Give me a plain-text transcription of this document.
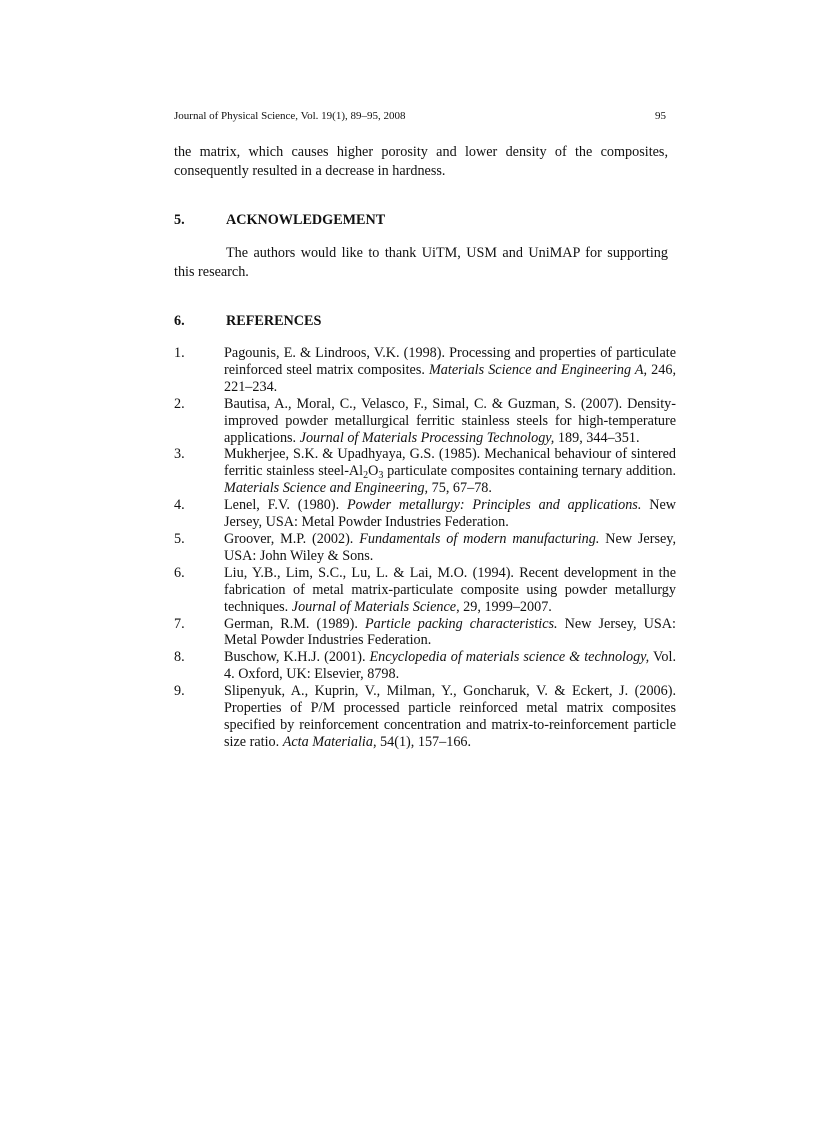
Journal of Physical Science, Vol. 19(1), 89–95, 2008	95

the matrix, which causes higher porosity and lower density of the composites, consequently resulted in a decrease in hardness.

5.	ACKNOWLEDGEMENT

The authors would like to thank UiTM, USM and UniMAP for supporting this research.

6.	REFERENCES
1.	Pagounis, E. & Lindroos, V.K. (1998). Processing and properties of particulate reinforced steel matrix composites. Materials Science and Engineering A, 246, 221–234.
2.	Bautisa, A., Moral, C., Velasco, F., Simal, C. & Guzman, S. (2007). Density-improved powder metallurgical ferritic stainless steels for high-temperature applications. Journal of Materials Processing Technology, 189, 344–351.
3.	Mukherjee, S.K. & Upadhyaya, G.S. (1985). Mechanical behaviour of sintered ferritic stainless steel-$Al_2O_3$ particulate composites containing ternary addition. Materials Science and Engineering, 75, 67–78.
4.	Lenel, F.V. (1980). Powder metallurgy: Principles and applications. New Jersey, USA: Metal Powder Industries Federation.
5.	Groover, M.P. (2002). Fundamentals of modern manufacturing. New Jersey, USA: John Wiley & Sons.
6.	Liu, Y.B., Lim, S.C., Lu, L. & Lai, M.O. (1994). Recent development in the fabrication of metal matrix-particulate composite using powder metallurgy techniques. Journal of Materials Science, 29, 1999–2007.
7.	German, R.M. (1989). Particle packing characteristics. New Jersey, USA: Metal Powder Industries Federation.
8.	Buschow, K.H.J. (2001). Encyclopedia of materials science & technology, Vol. 4. Oxford, UK: Elsevier, 8798.
9.	Slipenyuk, A., Kuprin, V., Milman, Y., Goncharuk, V. & Eckert, J. (2006). Properties of P/M processed particle reinforced metal matrix composites specified by reinforcement concentration and matrix-to-reinforcement particle size ratio. Acta Materialia, 54(1), 157–166.
